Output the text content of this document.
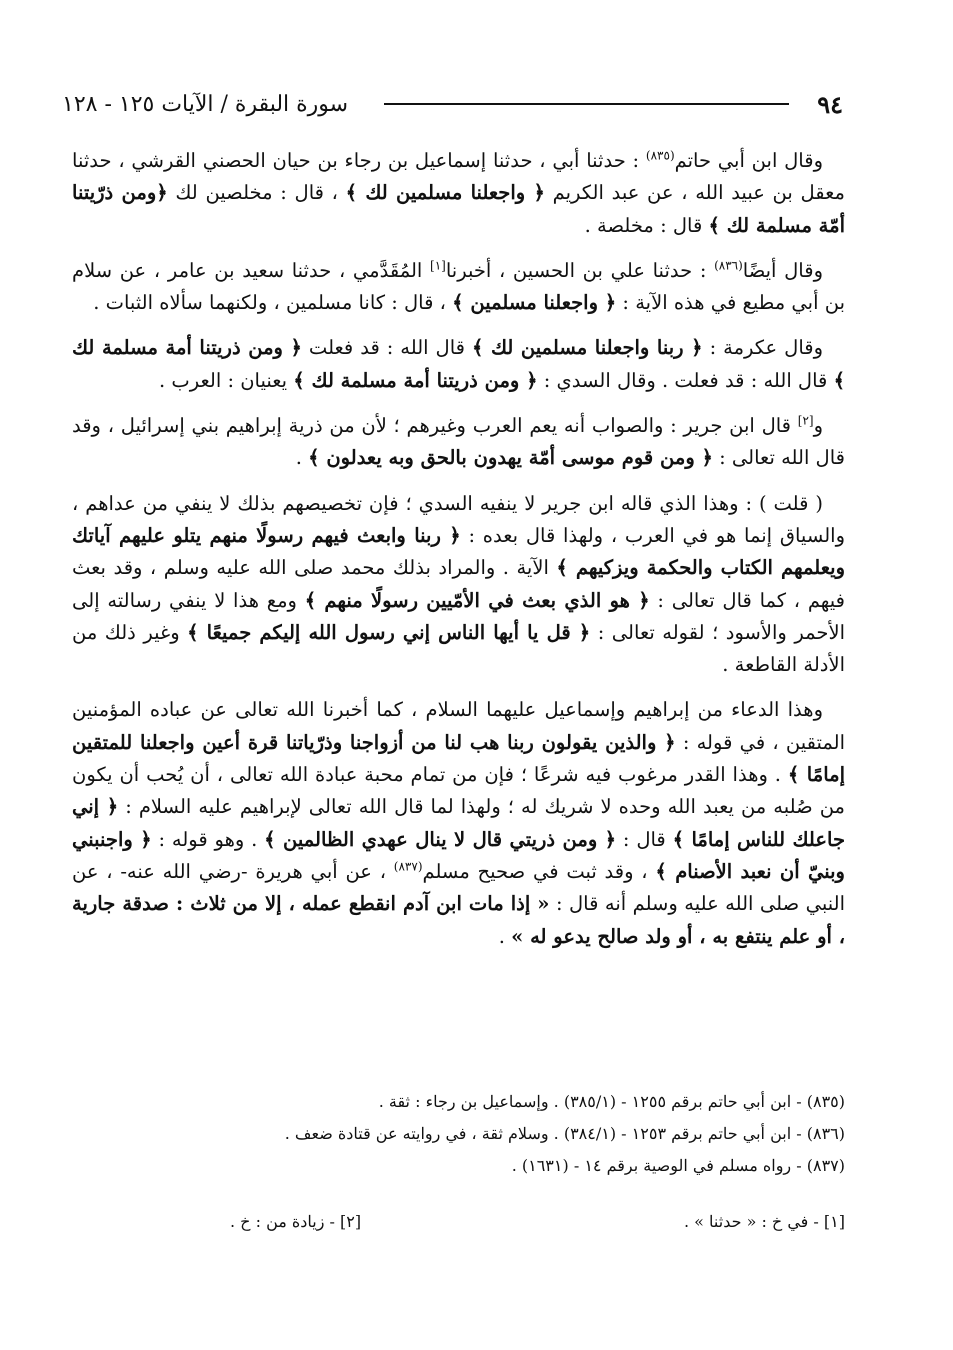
٩٤
سورة البقرة / الآيات ١٢٥ - ١٢٨

وقال ابن أبي حاتم$^{(٨٣٥)}$ : حدثنا أبي ، حدثنا إسماعيل بن رجاء بن حيان الحصني القرشي ، حدثنا معقل بن عبيد الله ، عن عبد الكريم ﴿ واجعلنا مسلمين لك ﴾ ، قال : مخلصين لك ﴿ومن ذرّيتنا أمّة مسلمة لك ﴾ قال : مخلصة .

وقال أيضًا$^{(٨٣٦)}$ : حدثنا علي بن الحسين ، أخبرنا[١] المُقَدَّمي ، حدثنا سعيد بن عامر ، عن سلام بن أبي مطيع في هذه الآية : ﴿ واجعلنا مسلمين ﴾ ، قال : كانا مسلمين ، ولكنهما سألاه الثبات .

وقال عكرمة : ﴿ ربنا واجعلنا مسلمين لك ﴾ قال الله : قد فعلت ﴿ ومن ذريتنا أمة مسلمة لك ﴾ قال الله : قد فعلت . وقال السدي : ﴿ ومن ذريتنا أمة مسلمة لك ﴾ يعنيان : العرب .

و[٢] قال ابن جرير : والصواب أنه يعم العرب وغيرهم ؛ لأن من ذرية إبراهيم بني إسرائيل ، وقد قال الله تعالى : ﴿ ومن قوم موسى أمّة يهدون بالحق وبه يعدلون ﴾ .

( قلت ) : وهذا الذي قاله ابن جرير لا ينفيه السدي ؛ فإن تخصيصهم بذلك لا ينفي من عداهم ، والسياق إنما هو في العرب ، ولهذا قال بعده : ﴿ ربنا وابعث فيهم رسولًا منهم يتلو عليهم آياتك ويعلمهم الكتاب والحكمة ويزكيهم ﴾ الآية . والمراد بذلك محمد صلى الله عليه وسلم ، وقد بعث فيهم ، كما قال تعالى : ﴿ هو الذي بعث في الأمّيين رسولًا منهم ﴾ ومع هذا لا ينفي رسالته إلى الأحمر والأسود ؛ لقوله تعالى : ﴿ قل يا أيها الناس إني رسول الله إليكم جميعًا ﴾ وغير ذلك من الأدلة القاطعة .

وهذا الدعاء من إبراهيم وإسماعيل عليهما السلام ، كما أخبرنا الله تعالى عن عباده المؤمنين المتقين ، في قوله : ﴿ والذين يقولون ربنا هب لنا من أزواجنا وذرّياتنا قرة أعين واجعلنا للمتقين إمامًا ﴾ . وهذا القدر مرغوب فيه شرعًا ؛ فإن من تمام محبة عبادة الله تعالى ، أن يُحب أن يكون من صُلبه من يعبد الله وحده لا شريك له ؛ ولهذا لما قال الله تعالى لإبراهيم عليه السلام : ﴿ إني جاعلك للناس إمامًا ﴾ قال : ﴿ ومن ذريتي قال لا ينال عهدي الظالمين ﴾ . وهو قوله : ﴿ واجنبني وبنيّ أن نعبد الأصنام ﴾ ، وقد ثبت في صحيح مسلم$^{(٨٣٧)}$ ، عن أبي هريرة -رضي الله عنه- ، عن النبي صلى الله عليه وسلم أنه قال : « إذا مات ابن آدم انقطع عمله ، إلا من ثلاث : صدقة جارية ، أو علم ينتفع به ، أو ولد صالح يدعو له » .

(٨٣٥) - ابن أبي حاتم برقم ١٢٥٥ - (٣٨٥/١) . وإسماعيل بن رجاء : ثقة .

(٨٣٦) - ابن أبي حاتم برقم ١٢٥٣ - (٣٨٤/١) . وسلام ثقة ، في روايته عن قتادة ضعف .

(٨٣٧) - رواه مسلم في الوصية برقم ١٤ - (١٦٣١) .

[١] - في خ : « حدثنا » .
[٢] - زيادة من : خ .
